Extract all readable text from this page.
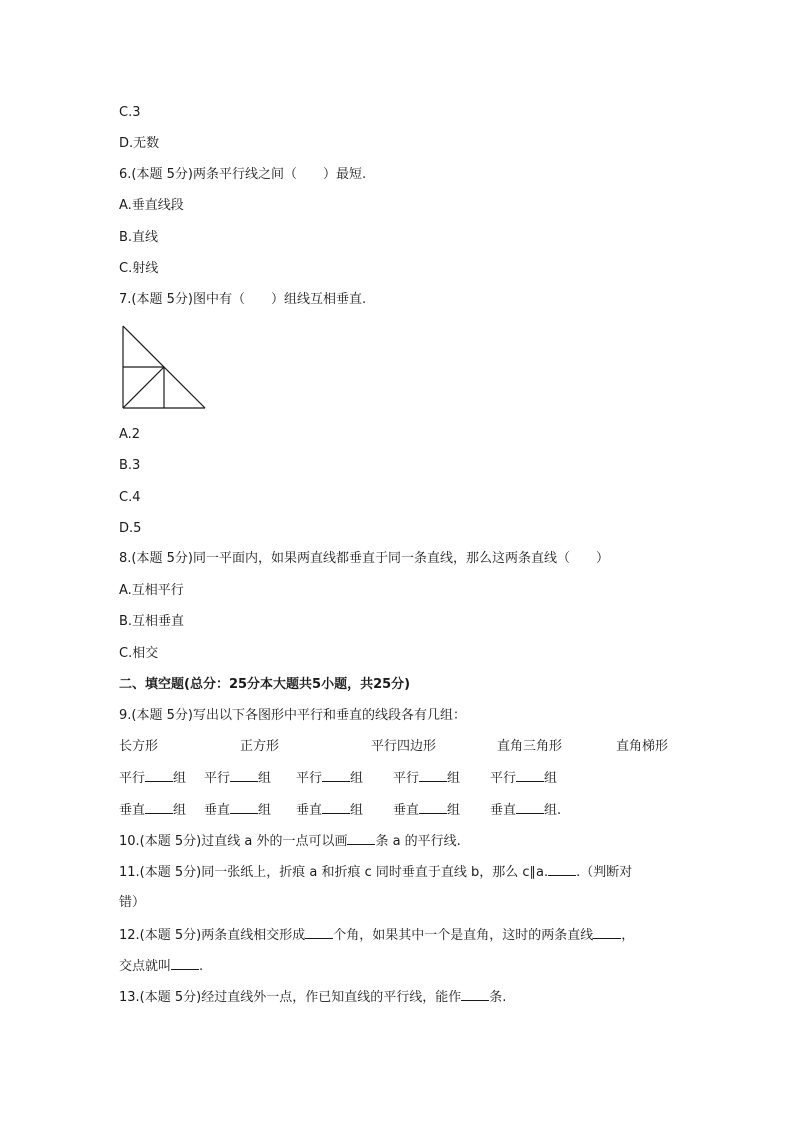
C.3
D.无数
6.(本题 5分)两条平行线之间（　　）最短.
A.垂直线段
B.直线
C.射线
7.(本题 5分)图中有（　　）组线互相垂直.
A.2
B.3
C.4
D.5
8.(本题 5分)同一平面内，如果两直线都垂直于同一条直线，那么这两条直线（　　）
A.互相平行
B.互相垂直
C.相交
二、填空题(总分：25分本大题共5小题，共25分)
9.(本题 5分)写出以下各图形中平行和垂直的线段各有几组：
长方形	正方形	平行四边形	直角三角形	直角梯形
平行 组 平行 组 平行 组 平行 组 平行 组
垂直 组 垂直 组 垂直 组 垂直 组 垂直 组.
10.(本题 5分)过直线 a 外的一点可以画 条 a 的平行线.
11.(本题 5分)同一张纸上，折痕 a 和折痕 c 同时垂直于直线 b，那么 c∥a. .（判断对
错）
12.(本题 5分)两条直线相交形成 个角，如果其中一个是直角，这时的两条直线 ，
交点就叫 .
13.(本题 5分)经过直线外一点，作已知直线的平行线，能作 条.
